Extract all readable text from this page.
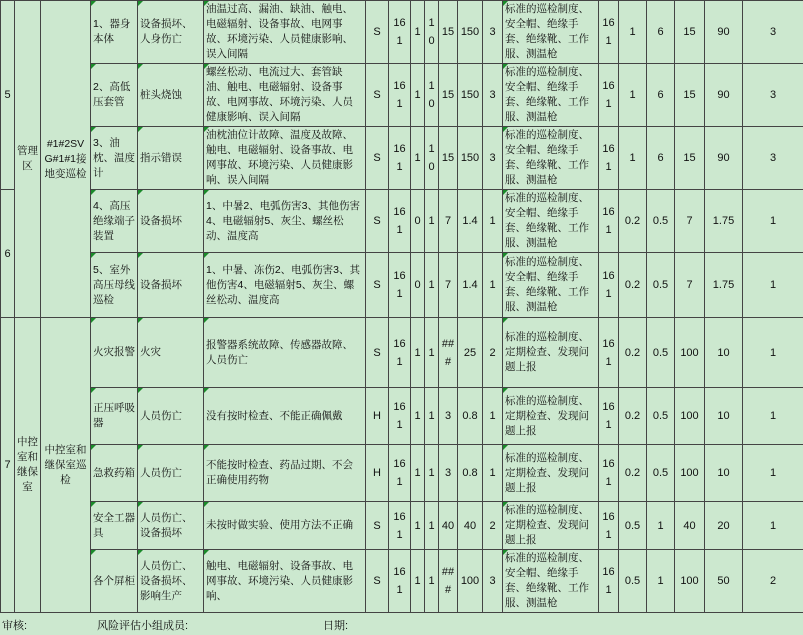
5	管理区	#1#2SVG#1#1接地变巡检	1、器身本体	设备损坏、人身伤亡	油温过高、漏油、缺油、触电、电磁辐射、设备事故、电网事故、环境污染、人员健康影响、误入间隔	S	161	1	10	15	150	3	标准的巡检制度、安全帽、绝缘手套、绝缘靴、工作服、测温枪	161	1	6	15	90	3
			2、高低压套管	桩头烧蚀	螺丝松动、电流过大、套管缺油、触电、电磁辐射、设备事故、电网事故、环境污染、人员健康影响、误入间隔	S	161	1	10	15	150	3	标准的巡检制度、安全帽、绝缘手套、绝缘靴、工作服、测温枪	161	1	6	15	90	3
			3、油枕、温度计	指示错误	油枕油位计故障、温度及故障、触电、电磁辐射、设备事故、电网事故、环境污染、人员健康影响、误入间隔	S	161	1	10	15	150	3	标准的巡检制度、安全帽、绝缘手套、绝缘靴、工作服、测温枪	161	1	6	15	90	3
6			4、高压绝缘端子装置	设备损坏	1、中暑2、电弧伤害3、其他伤害4、电磁辐射5、灰尘、螺丝松动、温度高	S	161	0	1	7	1.4	1	标准的巡检制度、安全帽、绝缘手套、绝缘靴、工作服、测温枪	161	0.2	0.5	7	1.75	1
			5、室外高压母线巡检	设备损坏	1、中暑、冻伤2、电弧伤害3、其他伤害4、电磁辐射5、灰尘、螺丝松动、温度高	S	161	0	1	7	1.4	1	标准的巡检制度、安全帽、绝缘手套、绝缘靴、工作服、测温枪	161	0.2	0.5	7	1.75	1
7	中控室和继保室	中控室和继保室巡检	火灾报警	火灾	报警器系统故障、传感器故障、人员伤亡	S	161	1	1	###	25	2	标准的巡检制度、定期检查、发现问题上报	161	0.2	0.5	100	10	1
			正压呼吸器	人员伤亡	没有按时检查、不能正确佩戴	H	161	1	1	3	0.8	1	标准的巡检制度、定期检查、发现问题上报	161	0.2	0.5	100	10	1
			急救药箱	人员伤亡	不能按时检查、药品过期、不会正确使用药物	H	161	1	1	3	0.8	1	标准的巡检制度、定期检查、发现问题上报	161	0.2	0.5	100	10	1
			安全工器具	人员伤亡、设备损坏	未按时做实验、使用方法不正确	S	161	1	1	40	40	2	标准的巡检制度、定期检查、发现问题上报	161	0.5	1	40	20	1
			各个屏柜	人员伤亡、设备损坏、影响生产	触电、电磁辐射、设备事故、电网事故、环境污染、人员健康影响、	S	161	1	1	###	100	3	标准的巡检制度、安全帽、绝缘手套、绝缘靴、工作服、测温枪	161	0.5	1	100	50	2
审核:	风险评估小组成员:	日期:
